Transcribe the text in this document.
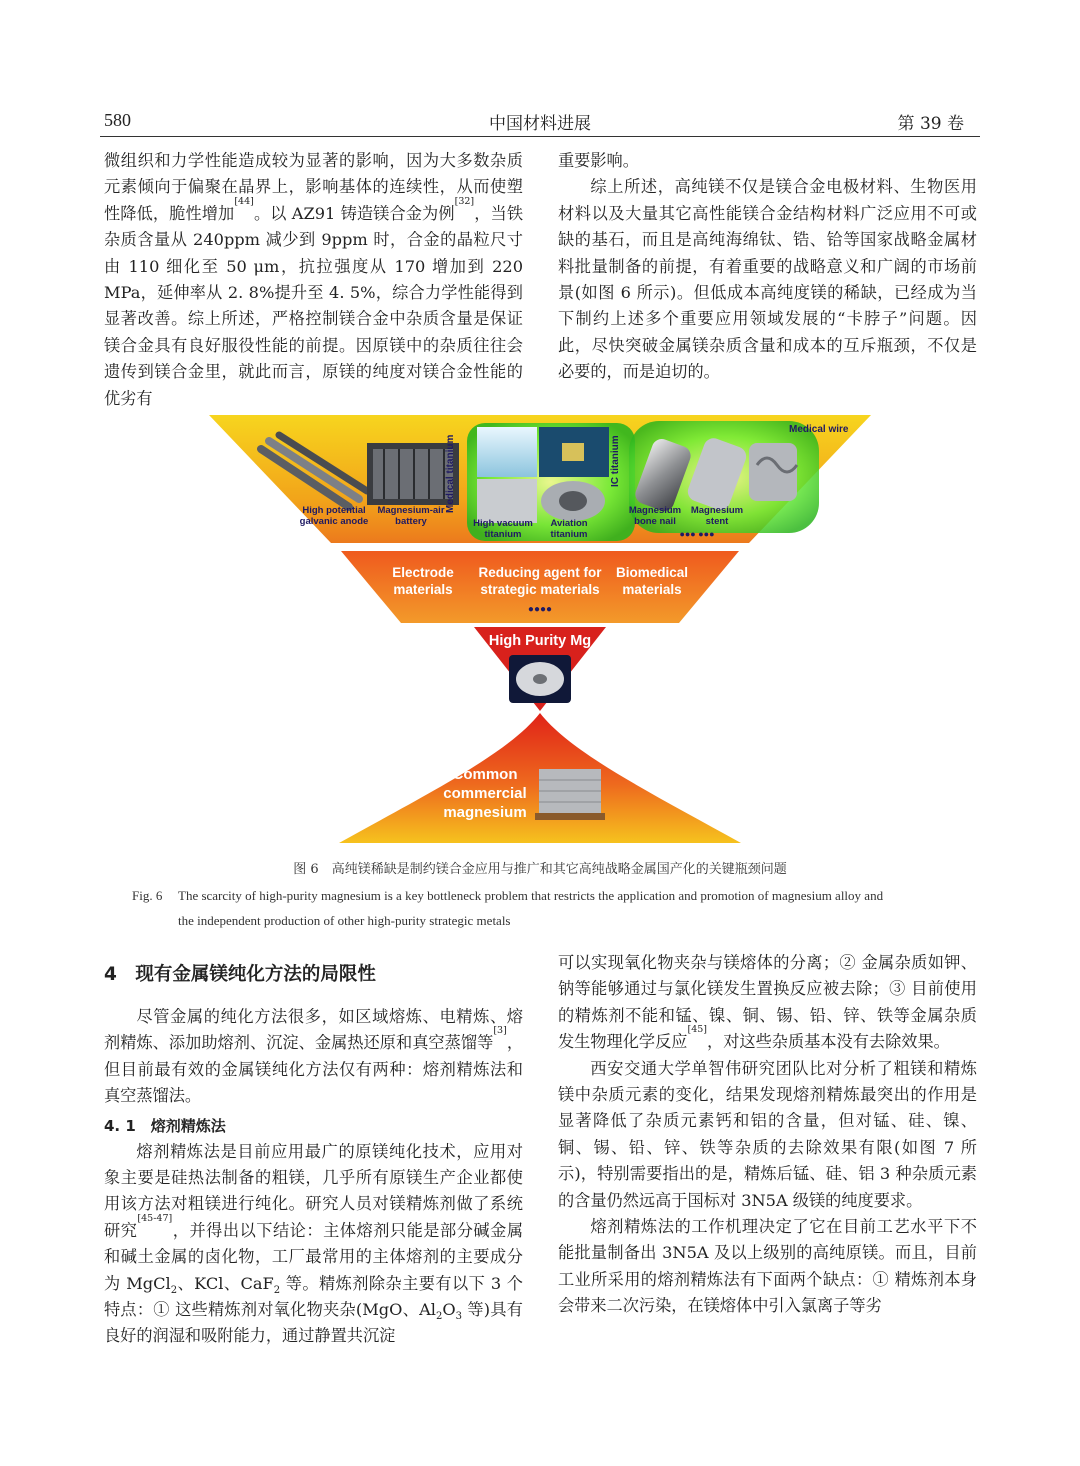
580	中国材料进展	第 39 卷

微组织和力学性能造成较为显著的影响，因为大多数杂质元素倾向于偏聚在晶界上，影响基体的连续性，从而使塑性降低，脆性增加[44]。以 AZ91 铸造镁合金为例[32]，当铁杂质含量从 240ppm 减少到 9ppm 时，合金的晶粒尺寸由 110 细化至 50 μm，抗拉强度从 170 增加到 220 MPa，延伸率从 2. 8%提升至 4. 5%，综合力学性能得到显著改善。综上所述，严格控制镁合金中杂质含量是保证镁合金具有良好服役性能的前提。因原镁中的杂质往往会遗传到镁合金里，就此而言，原镁的纯度对镁合金性能的优劣有

重要影响。

综上所述，高纯镁不仅是镁合金电极材料、生物医用材料以及大量其它高性能镁合金结构材料广泛应用不可或缺的基石，而且是高纯海绵钛、锆、铪等国家战略金属材料批量制备的前提，有着重要的战略意义和广阔的市场前景(如图 6 所示)。但低成本高纯度镁的稀缺，已经成为当下制约上述多个重要应用领域发展的“卡脖子”问题。因此，尽快突破金属镁杂质含量和成本的互斥瓶颈，不仅是必要的，而是迫切的。

Medical titanium	IC titanium
Medical wire
High potential
galvanic anode
Magnesium-air
battery	High vacuum
titanium
Aviation
titanium
Magnesium
bone nail
Magnesium
stent
●●● ●●●
Electrode
materials
Reducing agent for
strategic materials
Biomedical
materials
●●●●
High Purity Mg
Common
commercial
magnesium
图 6　高纯镁稀缺是制约镁合金应用与推广和其它高纯战略金属国产化的关键瓶颈问题
Fig. 6 The scarcity of high-purity magnesium is a key bottleneck problem that restricts the application and promotion of magnesium alloy and
the independent production of other high-purity strategic metals
4　现有金属镁纯化方法的局限性

尽管金属的纯化方法很多，如区域熔炼、电精炼、熔剂精炼、添加助熔剂、沉淀、金属热还原和真空蒸馏等[3]，但目前最有效的金属镁纯化方法仅有两种：熔剂精炼法和真空蒸馏法。

4. 1　熔剂精炼法

熔剂精炼法是目前应用最广的原镁纯化技术，应用对象主要是硅热法制备的粗镁，几乎所有原镁生产企业都使用该方法对粗镁进行纯化。研究人员对镁精炼剂做了系统研究[45-47]，并得出以下结论：主体熔剂只能是部分碱金属和碱土金属的卤化物，工厂最常用的主体熔剂的主要成分为 MgCl$_2$、KCl、CaF$_2$ 等。精炼剂除杂主要有以下 3 个特点：① 这些精炼剂对氧化物夹杂(MgO、$Al_2O_3$ 等)具有良好的润湿和吸附能力，通过静置共沉淀

可以实现氧化物夹杂与镁熔体的分离；② 金属杂质如钾、钠等能够通过与氯化镁发生置换反应被去除；③ 目前使用的精炼剂不能和锰、镍、铜、锡、铅、锌、铁等金属杂质发生物理化学反应[45]，对这些杂质基本没有去除效果。

西安交通大学单智伟研究团队比对分析了粗镁和精炼镁中杂质元素的变化，结果发现熔剂精炼最突出的作用是显著降低了杂质元素钙和铝的含量，但对锰、硅、镍、铜、锡、铅、锌、铁等杂质的去除效果有限(如图 7 所示)，特别需要指出的是，精炼后锰、硅、铝 3 种杂质元素的含量仍然远高于国标对 3N5A 级镁的纯度要求。

熔剂精炼法的工作机理决定了它在目前工艺水平下不能批量制备出 3N5A 及以上级别的高纯原镁。而且，目前工业所采用的熔剂精炼法有下面两个缺点：① 精炼剂本身会带来二次污染，在镁熔体中引入氯离子等劣
